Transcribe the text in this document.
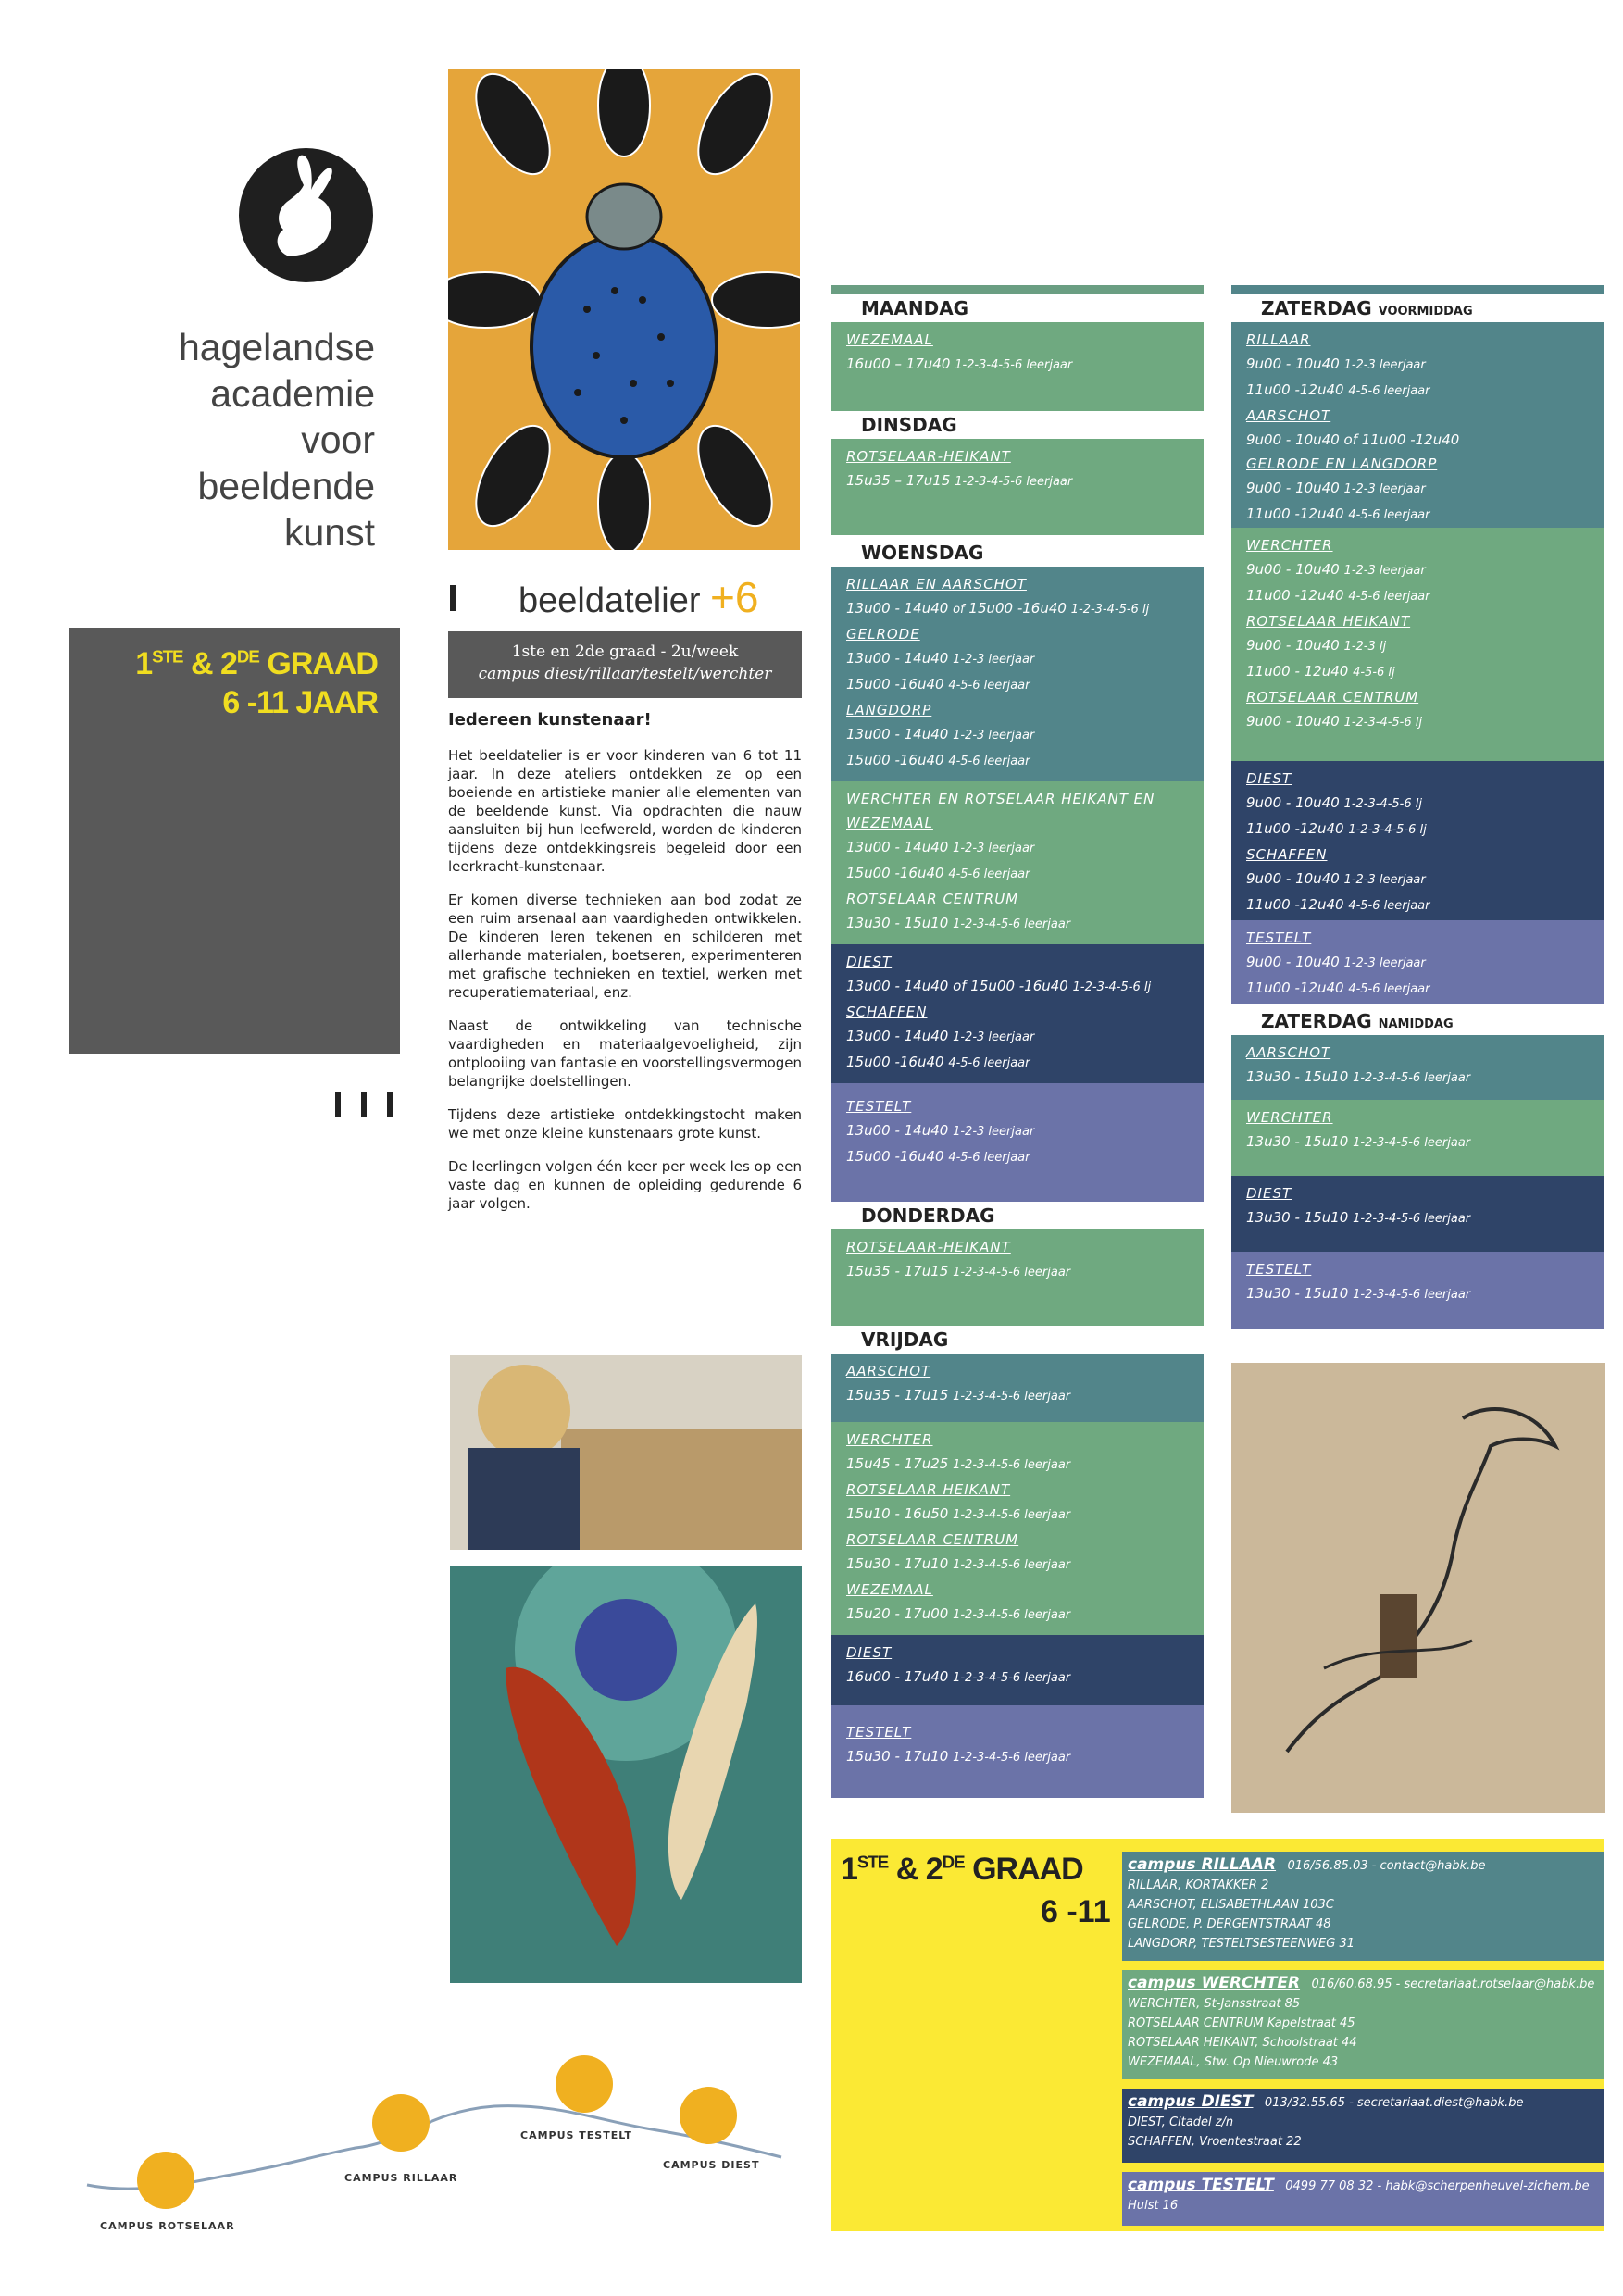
hagelandse
academie
voor
beeldende
kunst
1STE & 2DE GRAAD
6 -11 JAAR
beeldatelier +6
1ste en 2de graad - 2u/week
campus diest/rillaar/testelt/werchter
Iedereen kunstenaar!

Het beeldatelier is er voor kinderen van 6 tot 11 jaar. In deze ateliers ontdekken ze op een boeiende en artistieke manier alle elementen van de beeldende kunst. Via opdrachten die nauw aansluiten bij hun leefwereld, worden de kinderen tijdens deze ontdekkingsreis begeleid door een leerkracht-kunstenaar.

Er komen diverse technieken aan bod zodat ze een ruim arsenaal aan vaardigheden ontwikkelen. De kinderen leren tekenen en schilderen met allerhande materialen, boetseren, experimenteren met grafische technieken en textiel, werken met recuperatiemateriaal, enz.

Naast de ontwikkeling van technische vaardigheden en materiaalgevoeligheid, zijn ontplooiing van fantasie en voorstellingsvermogen belangrijke doelstellingen.

Tijdens deze artistieke ontdekkingstocht maken we met onze kleine kunstenaars grote kunst.

De leerlingen volgen één keer per week les op een vaste dag en kunnen de opleiding gedurende 6 jaar volgen.

MAANDAG
WEZEMAAL
16u00 – 17u40 1-2-3-4-5-6 leerjaar
DINSDAG
ROTSELAAR-HEIKANT
15u35 – 17u15 1-2-3-4-5-6 leerjaar
WOENSDAG
RILLAAR EN AARSCHOT
13u00 - 14u40 of 15u00 -16u40 1-2-3-4-5-6 lj
GELRODE
13u00 - 14u40 1-2-3 leerjaar
15u00 -16u40 4-5-6 leerjaar
LANGDORP
13u00 - 14u40 1-2-3 leerjaar
15u00 -16u40 4-5-6 leerjaar
WERCHTER EN ROTSELAAR HEIKANT EN WEZEMAAL
13u00 - 14u40 1-2-3 leerjaar
15u00 -16u40 4-5-6 leerjaar
ROTSELAAR CENTRUM
13u30 - 15u10 1-2-3-4-5-6 leerjaar
DIEST
13u00 - 14u40 of 15u00 -16u40 1-2-3-4-5-6 lj
SCHAFFEN
13u00 - 14u40 1-2-3 leerjaar
15u00 -16u40 4-5-6 leerjaar
TESTELT
13u00 - 14u40 1-2-3 leerjaar
15u00 -16u40 4-5-6 leerjaar
DONDERDAG
ROTSELAAR-HEIKANT
15u35 - 17u15 1-2-3-4-5-6 leerjaar
VRIJDAG
AARSCHOT
15u35 - 17u15 1-2-3-4-5-6 leerjaar
WERCHTER
15u45 - 17u25 1-2-3-4-5-6 leerjaar
ROTSELAAR HEIKANT
15u10 - 16u50 1-2-3-4-5-6 leerjaar
ROTSELAAR CENTRUM
15u30 - 17u10 1-2-3-4-5-6 leerjaar
WEZEMAAL
15u20 - 17u00 1-2-3-4-5-6 leerjaar
DIEST
16u00 - 17u40 1-2-3-4-5-6 leerjaar
TESTELT
15u30 - 17u10 1-2-3-4-5-6 leerjaar
ZATERDAG VOORMIDDAG
RILLAAR
9u00 - 10u40 1-2-3 leerjaar
11u00 -12u40 4-5-6 leerjaar
AARSCHOT
9u00 - 10u40 of 11u00 -12u40
GELRODE EN LANGDORP
9u00 - 10u40 1-2-3 leerjaar
11u00 -12u40 4-5-6 leerjaar
WERCHTER
9u00 - 10u40 1-2-3 leerjaar
11u00 -12u40 4-5-6 leerjaar
ROTSELAAR HEIKANT
9u00 - 10u40 1-2-3 lj
11u00 - 12u40 4-5-6 lj
ROTSELAAR CENTRUM
9u00 - 10u40 1-2-3-4-5-6 lj
DIEST
9u00 - 10u40 1-2-3-4-5-6 lj
11u00 -12u40 1-2-3-4-5-6 lj
SCHAFFEN
9u00 - 10u40 1-2-3 leerjaar
11u00 -12u40 4-5-6 leerjaar
TESTELT
9u00 - 10u40 1-2-3 leerjaar
11u00 -12u40 4-5-6 leerjaar
ZATERDAG NAMIDDAG
AARSCHOT
13u30 - 15u10 1-2-3-4-5-6 leerjaar
WERCHTER
13u30 - 15u10 1-2-3-4-5-6 leerjaar
DIEST
13u30 - 15u10 1-2-3-4-5-6 leerjaar
TESTELT
13u30 - 15u10 1-2-3-4-5-6 leerjaar
1STE & 2DE GRAAD
6 -11
campus RILLAAR 016/56.85.03 - contact@habk.be
RILLAAR, KORTAKKER 2
AARSCHOT, ELISABETHLAAN 103C
GELRODE, P. DERGENTSTRAAT 48
LANGDORP, TESTELTSESTEENWEG 31
campus WERCHTER 016/60.68.95 - secretariaat.rotselaar@habk.be
WERCHTER, St-Jansstraat 85
ROTSELAAR CENTRUM Kapelstraat 45
ROTSELAAR HEIKANT, Schoolstraat 44
WEZEMAAL, Stw. Op Nieuwrode 43
campus DIEST 013/32.55.65 - secretariaat.diest@habk.be
DIEST, Citadel z/n
SCHAFFEN, Vroentestraat 22
campus TESTELT 0499 77 08 32 - habk@scherpenheuvel-zichem.be
Hulst 16
CAMPUS ROTSELAAR
CAMPUS RILLAAR
CAMPUS TESTELT
CAMPUS DIEST
